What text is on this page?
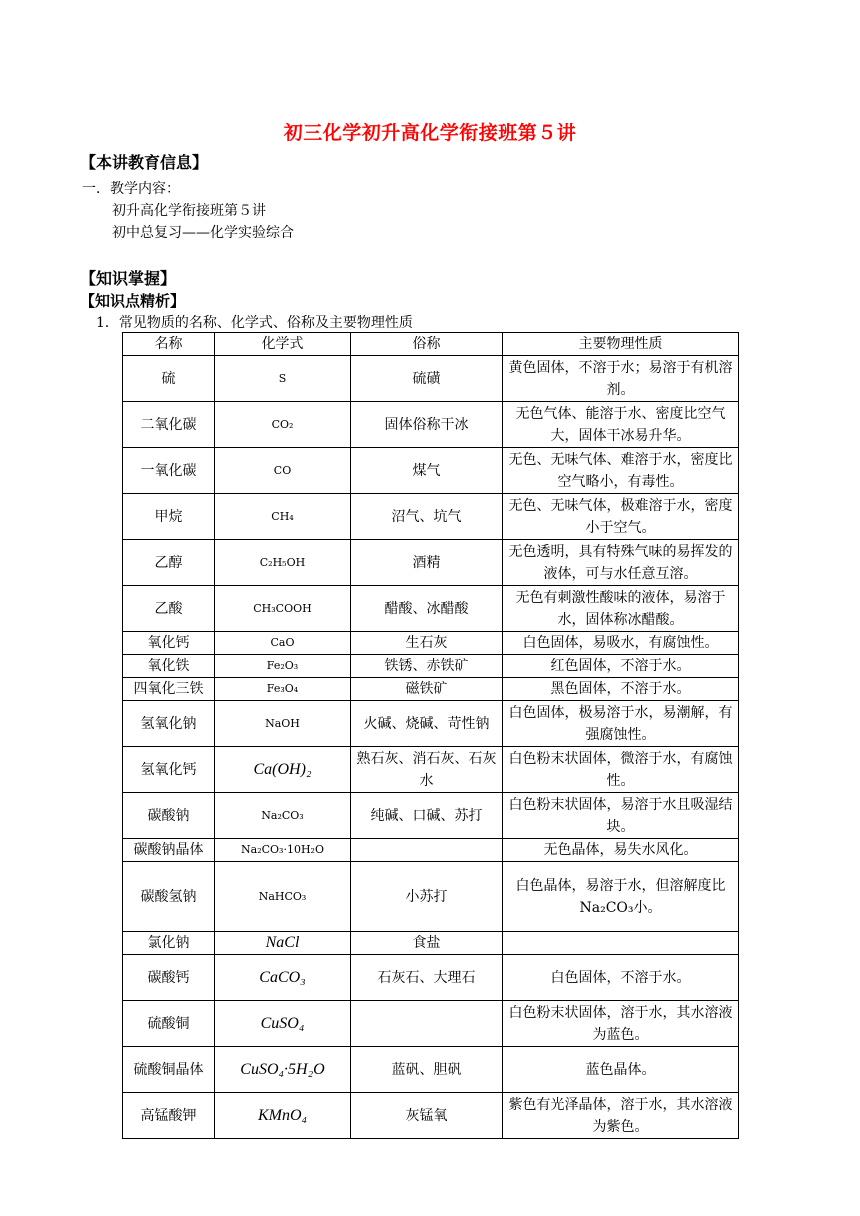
初三化学初升高化学衔接班第５讲
【本讲教育信息】
一．教学内容：
初升高化学衔接班第５讲
初中总复习——化学实验综合
【知识掌握】
【知识点精析】
1．常见物质的名称、化学式、俗称及主要物理性质
名称	化学式	俗称	主要物理性质
硫	S	硫磺	黄色固体，不溶于水；易溶于有机溶剂。
二氧化碳	CO₂	固体俗称干冰	无色气体、能溶于水、密度比空气大，固体干冰易升华。
一氧化碳	CO	煤气	无色、无味气体、难溶于水，密度比空气略小，有毒性。
甲烷	CH₄	沼气、坑气	无色、无味气体，极难溶于水，密度小于空气。
乙醇	C₂H₅OH	酒精	无色透明，具有特殊气味的易挥发的液体，可与水任意互溶。
乙酸	CH₃COOH	醋酸、冰醋酸	无色有刺激性酸味的液体，易溶于水，固体称冰醋酸。
氧化钙	CaO	生石灰	白色固体，易吸水，有腐蚀性。
氧化铁	Fe₂O₃	铁锈、赤铁矿	红色固体，不溶于水。
四氧化三铁	Fe₃O₄	磁铁矿	黑色固体，不溶于水。
氢氧化钠	NaOH	火碱、烧碱、苛性钠	白色固体，极易溶于水，易潮解，有强腐蚀性。
氢氧化钙	Ca(OH)₂	熟石灰、消石灰、石灰水	白色粉末状固体，微溶于水，有腐蚀性。
碳酸钠	Na₂CO₃	纯碱、口碱、苏打	白色粉末状固体，易溶于水且吸湿结块。
碳酸钠晶体	Na₂CO₃·10H₂O		无色晶体，易失水风化。
碳酸氢钠	NaHCO₃	小苏打	白色晶体，易溶于水，但溶解度比Na₂CO₃小。
氯化钠	NaCl	食盐	
碳酸钙	CaCO₃	石灰石、大理石	白色固体，不溶于水。
硫酸铜	CuSO₄		白色粉末状固体，溶于水，其水溶液为蓝色。
硫酸铜晶体	CuSO₄·5H₂O	蓝矾、胆矾	蓝色晶体。
高锰酸钾	KMnO₄	灰锰氧	紫色有光泽晶体，溶于水，其水溶液为紫色。
